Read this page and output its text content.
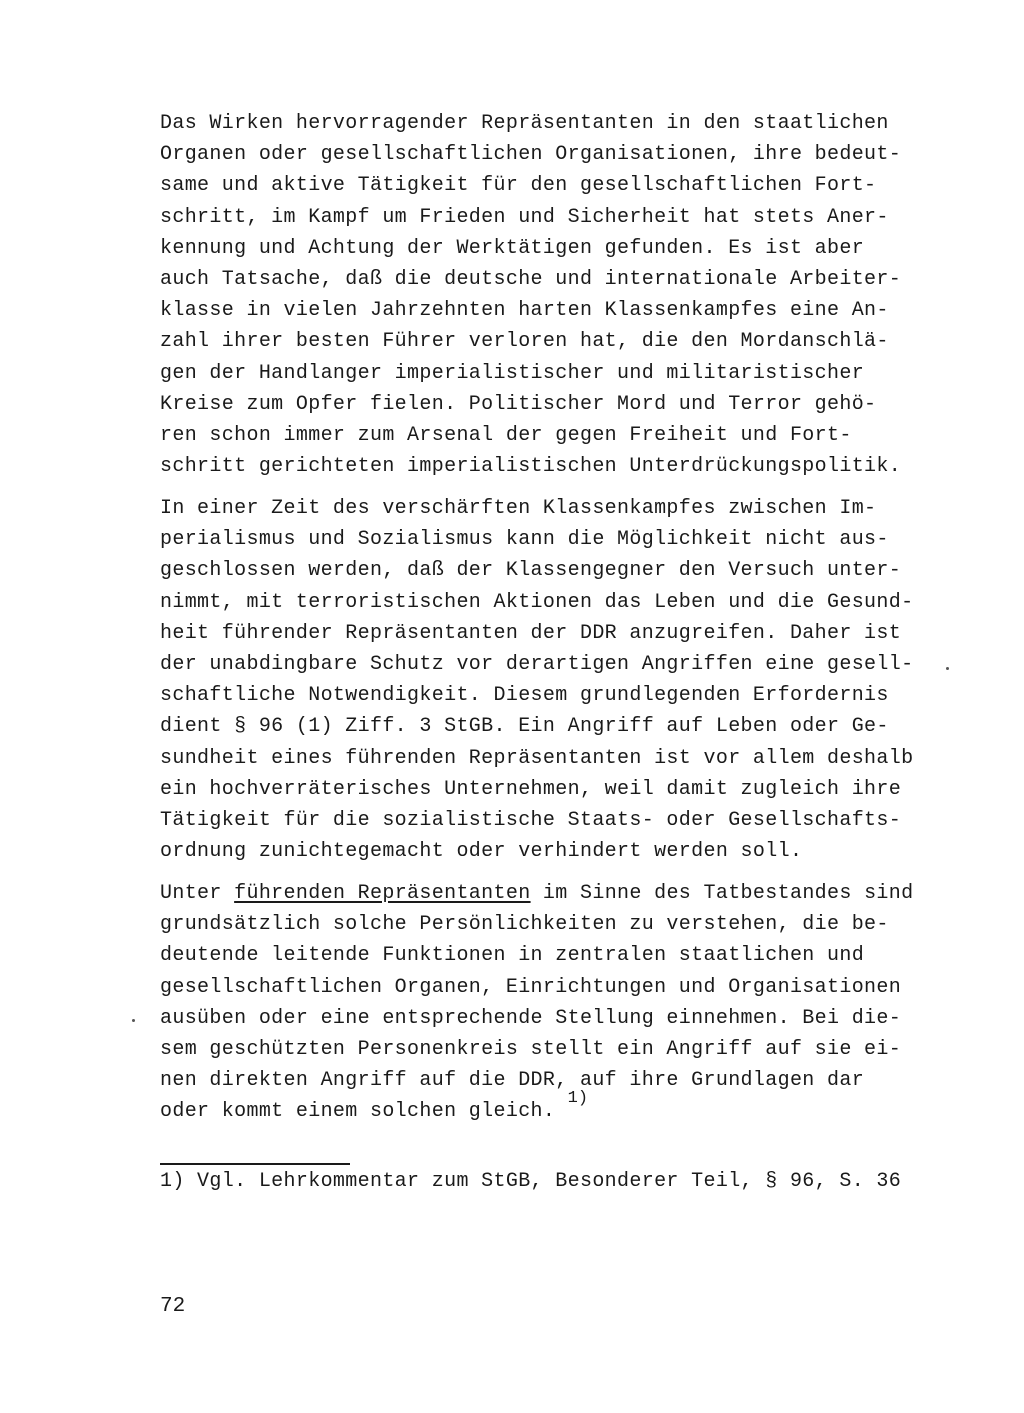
Das Wirken hervorragender Repräsentanten in den staatlichen
Organen oder gesellschaftlichen Organisationen, ihre bedeut-
same und aktive Tätigkeit für den gesellschaftlichen Fort-
schritt, im Kampf um Frieden und Sicherheit hat stets Aner-
kennung und Achtung der Werktätigen gefunden. Es ist aber
auch Tatsache, daß die deutsche und internationale Arbeiter-
klasse in vielen Jahrzehnten harten Klassenkampfes eine An-
zahl ihrer besten Führer verloren hat, die den Mordanschlä-
gen der Handlanger imperialistischer und militaristischer
Kreise zum Opfer fielen. Politischer Mord und Terror gehö-
ren schon immer zum Arsenal der gegen Freiheit und Fort-
schritt gerichteten imperialistischen Unterdrückungspolitik.
In einer Zeit des verschärften Klassenkampfes zwischen Im-
perialismus und Sozialismus kann die Möglichkeit nicht aus-
geschlossen werden, daß der Klassengegner den Versuch unter-
nimmt, mit terroristischen Aktionen das Leben und die Gesund-
heit führender Repräsentanten der DDR anzugreifen. Daher ist
der unabdingbare Schutz vor derartigen Angriffen eine gesell-
schaftliche Notwendigkeit. Diesem grundlegenden Erfordernis
dient § 96 (1) Ziff. 3 StGB. Ein Angriff auf Leben oder Ge-
sundheit eines führenden Repräsentanten ist vor allem deshalb
ein hochverräterisches Unternehmen, weil damit zugleich ihre
Tätigkeit für die sozialistische Staats- oder Gesellschafts-
ordnung zunichtegemacht oder verhindert werden soll.
Unter führenden Repräsentanten im Sinne des Tatbestandes sind
grundsätzlich solche Persönlichkeiten zu verstehen, die be-
deutende leitende Funktionen in zentralen staatlichen und
gesellschaftlichen Organen, Einrichtungen und Organisationen
ausüben oder eine entsprechende Stellung einnehmen. Bei die-
sem geschützten Personenkreis stellt ein Angriff auf sie ei-
nen direkten Angriff auf die DDR, auf ihre Grundlagen dar
oder kommt einem solchen gleich. $^{1)}$
1) Vgl. Lehrkommentar zum StGB, Besonderer Teil, § 96, S. 36
72
